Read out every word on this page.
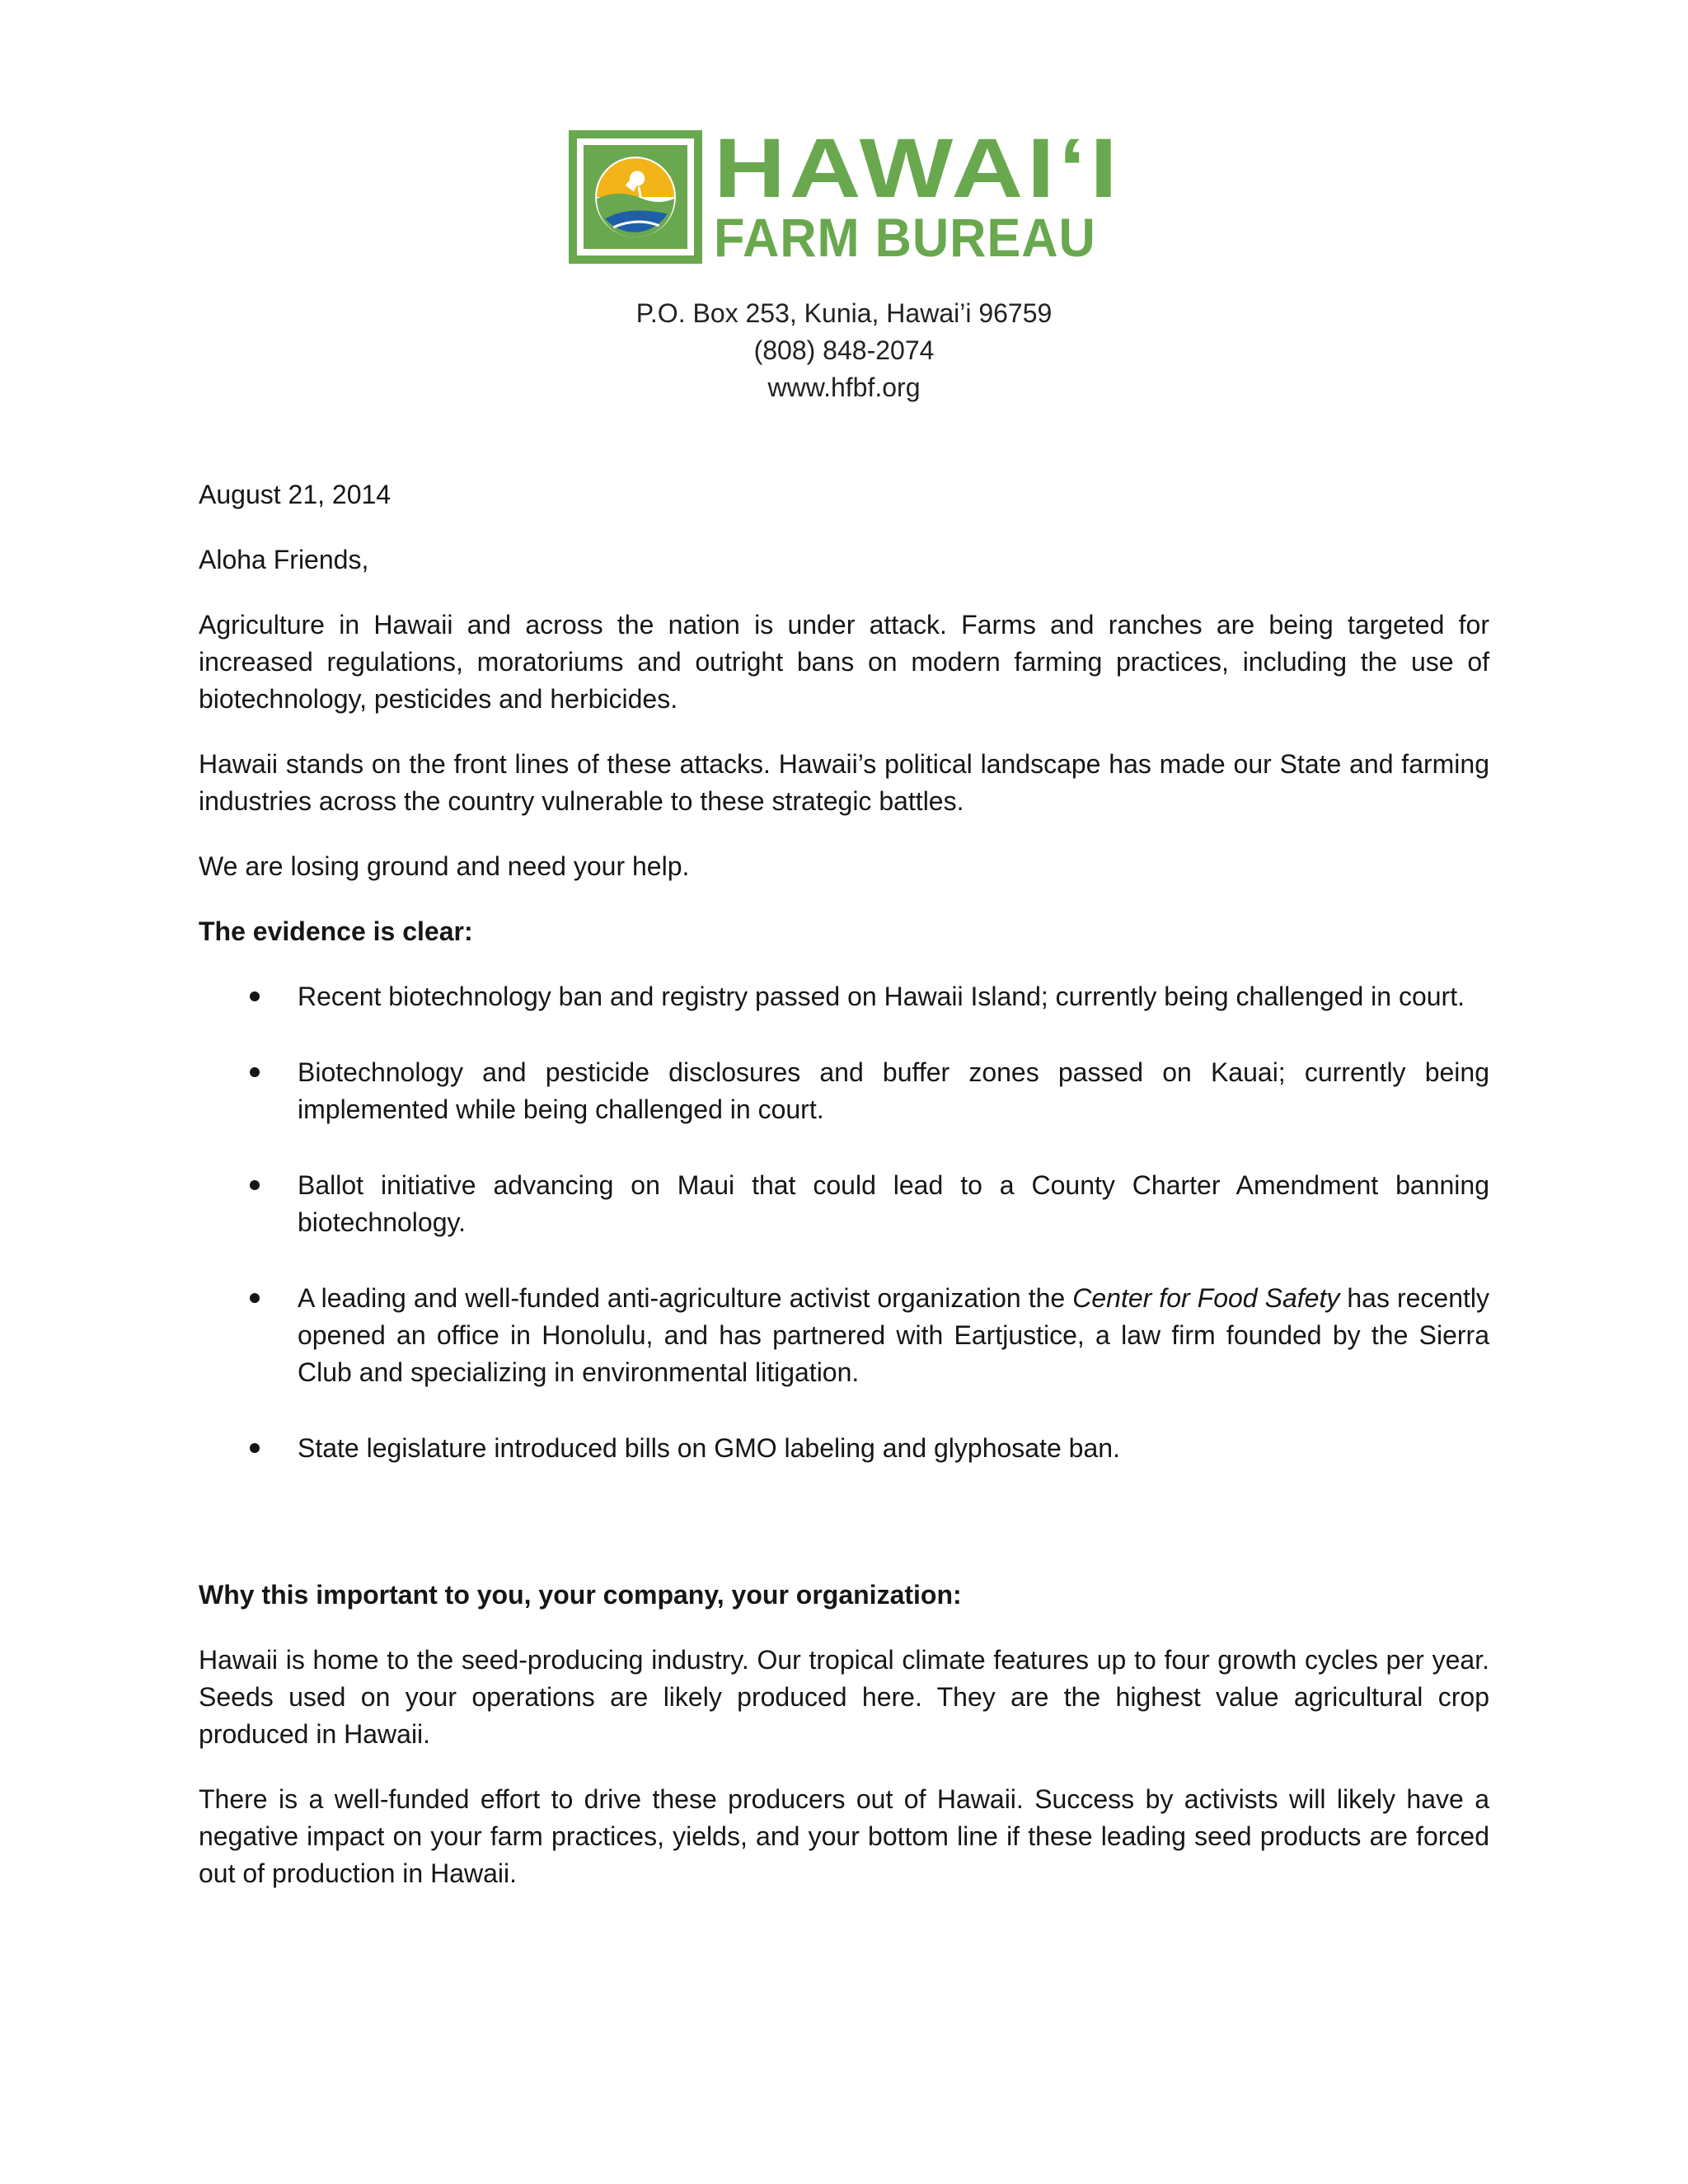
HAWAIʻI
FARM BUREAU
P.O. Box 253, Kunia, Hawai’i 96759
(808) 848-2074
www.hfbf.org

August 21, 2014

Aloha Friends,

Agriculture in Hawaii and across the nation is under attack. Farms and ranches are being targeted for increased regulations, moratoriums and outright bans on modern farming practices, including the use of biotechnology, pesticides and herbicides.

Hawaii stands on the front lines of these attacks. Hawaii’s political landscape has made our State and farming industries across the country vulnerable to these strategic battles.

We are losing ground and need your help.

The evidence is clear:

Recent biotechnology ban and registry passed on Hawaii Island; currently being challenged in court.
Biotechnology and pesticide disclosures and buffer zones passed on Kauai; currently being implemented while being challenged in court.
Ballot initiative advancing on Maui that could lead to a County Charter Amendment banning biotechnology.
A leading and well-funded anti-agriculture activist organization the Center for Food Safety has recently opened an office in Honolulu, and has partnered with Eartjustice, a law firm founded by the Sierra Club and specializing in environmental litigation.
State legislature introduced bills on GMO labeling and glyphosate ban.

Why this important to you, your company, your organization:

Hawaii is home to the seed-producing industry. Our tropical climate features up to four growth cycles per year. Seeds used on your operations are likely produced here. They are the highest value agricultural crop produced in Hawaii.

There is a well-funded effort to drive these producers out of Hawaii. Success by activists will likely have a negative impact on your farm practices, yields, and your bottom line if these leading seed products are forced out of production in Hawaii.
